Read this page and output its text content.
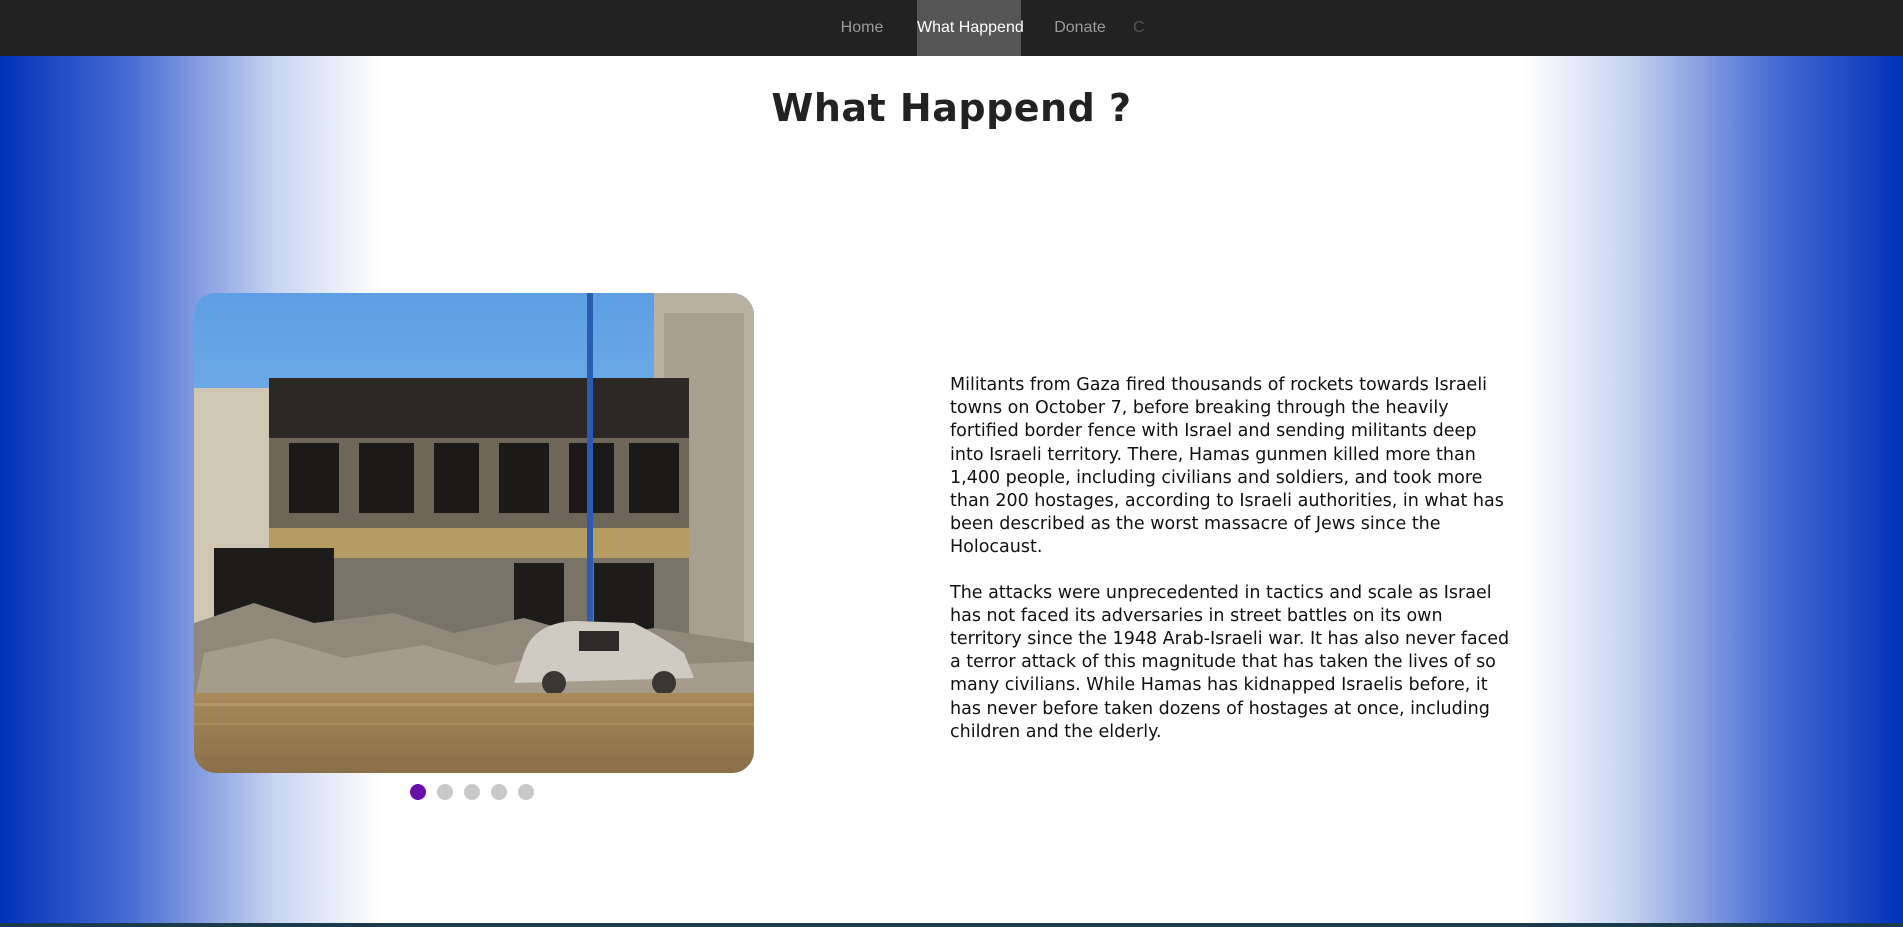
Home	What Happend	Donate	C
What Happend ?

Militants from Gaza fired thousands of rockets towards Israeli towns on October 7, before breaking through the heavily fortified border fence with Israel and sending militants deep into Israeli territory. There, Hamas gunmen killed more than 1,400 people, including civilians and soldiers, and took more than 200 hostages, according to Israeli authorities, in what has been described as the worst massacre of Jews since the Holocaust.

The attacks were unprecedented in tactics and scale as Israel has not faced its adversaries in street battles on its own territory since the 1948 Arab-Israeli war. It has also never faced a terror attack of this magnitude that has taken the lives of so many civilians. While Hamas has kidnapped Israelis before, it has never before taken dozens of hostages at once, including children and the elderly.
